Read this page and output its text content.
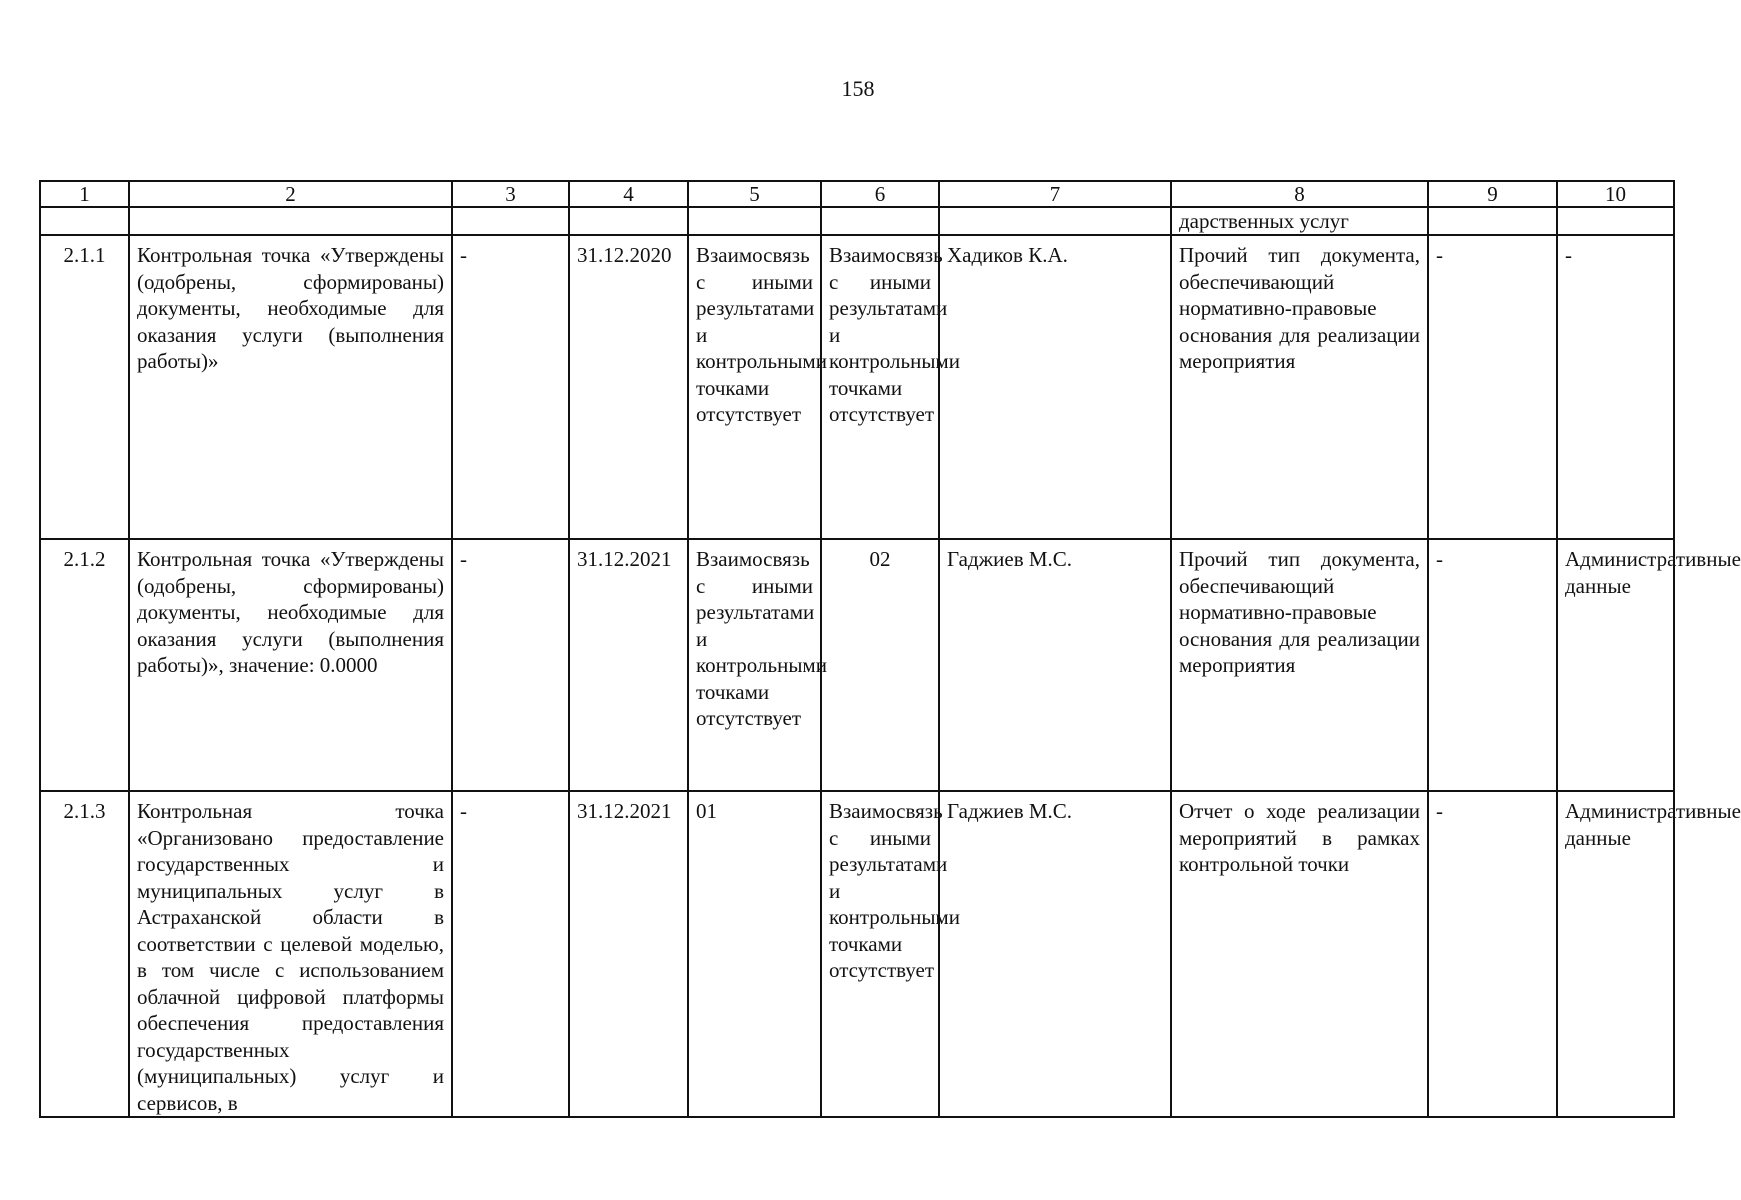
158
1	2	3	4	5	6	7	8	9	10
							дарственных услуг		
2.1.1	Контрольная точка «Утверждены (одобрены, сформированы) документы, необходимые для оказания услуги (выполнения работы)»	-	31.12.2020	Взаимосвязь с иными результатами и контрольными точками отсутствует	Взаимосвязь с иными результатами и контрольными точками отсутствует	Хадиков К.А.	Прочий тип документа, обеспечивающий нормативно-правовые основания для реализации мероприятия	-	-
2.1.2	Контрольная точка «Утверждены (одобрены, сформированы) документы, необходимые для оказания услуги (выполнения работы)», значение: 0.0000	-	31.12.2021	Взаимосвязь с иными результатами и контрольными точками отсутствует	02	Гаджиев М.С.	Прочий тип документа, обеспечивающий нормативно-правовые основания для реализации мероприятия	-	Административные данные
2.1.3	Контрольная точка «Организовано предоставление государственных и муниципальных услуг в Астраханской области в соответствии с целевой моделью, в том числе с использованием облачной цифровой платформы обеспечения предоставления государственных (муниципальных) услуг и сервисов, в	-	31.12.2021	01	Взаимосвязь с иными результатами и контрольными точками отсутствует	Гаджиев М.С.	Отчет о ходе реализации мероприятий в рамках контрольной точки	-	Административные данные
